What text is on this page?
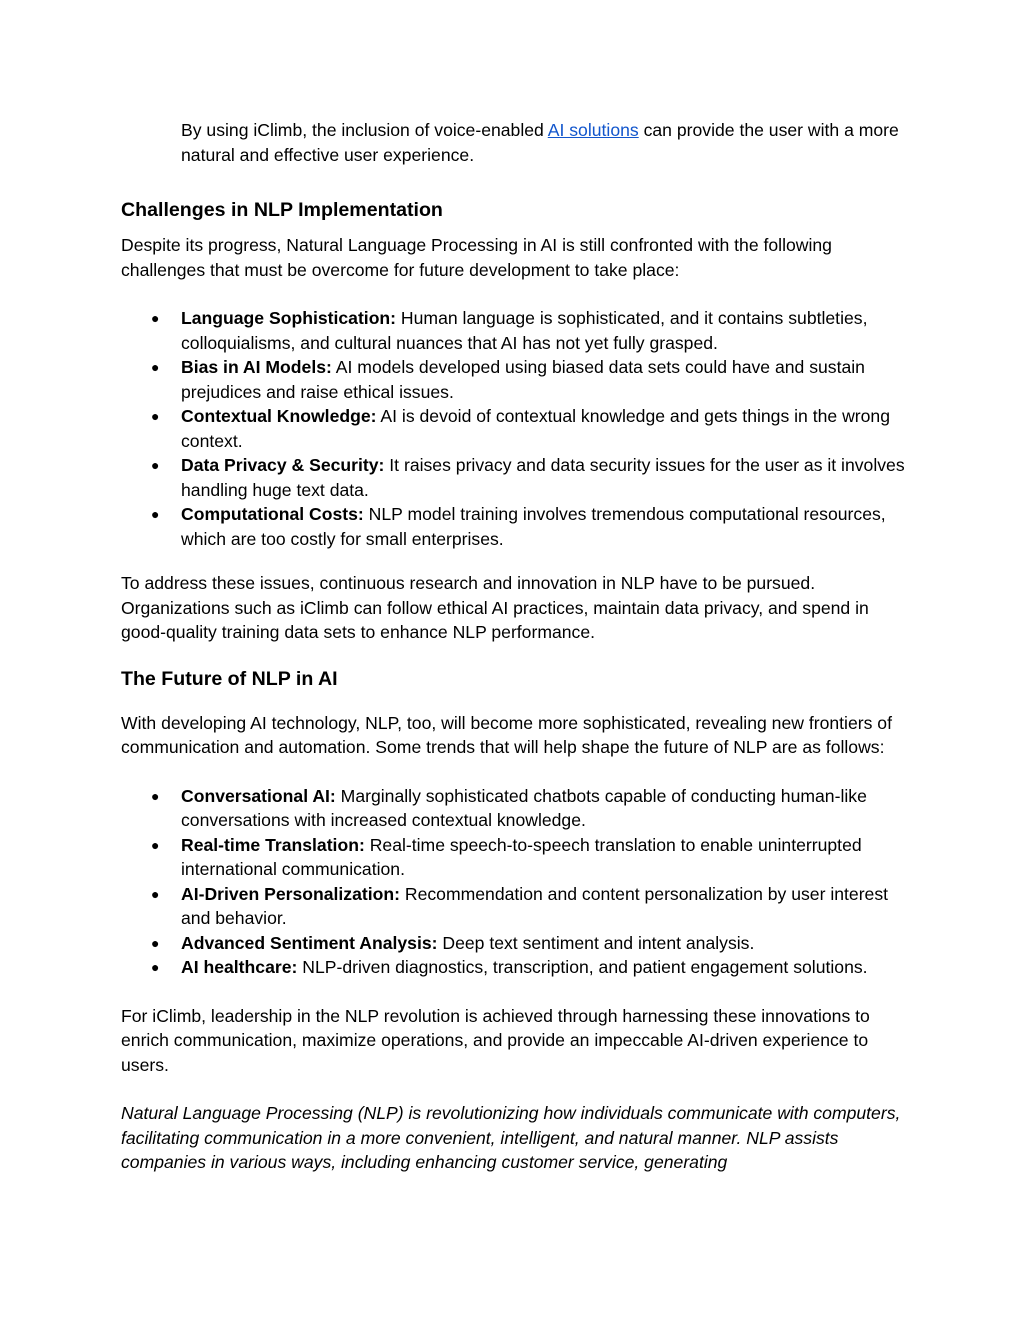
By using iClimb, the inclusion of voice-enabled AI solutions can provide the user with a more natural and effective user experience.

Challenges in NLP Implementation

Despite its progress, Natural Language Processing in AI is still confronted with the following challenges that must be overcome for future development to take place:

● Language Sophistication: Human language is sophisticated, and it contains subtleties, colloquialisms, and cultural nuances that AI has not yet fully grasped.
● Bias in AI Models: AI models developed using biased data sets could have and sustain prejudices and raise ethical issues.
● Contextual Knowledge: AI is devoid of contextual knowledge and gets things in the wrong context.
● Data Privacy & Security: It raises privacy and data security issues for the user as it involves handling huge text data.
● Computational Costs: NLP model training involves tremendous computational resources, which are too costly for small enterprises.

To address these issues, continuous research and innovation in NLP have to be pursued. Organizations such as iClimb can follow ethical AI practices, maintain data privacy, and spend in good-quality training data sets to enhance NLP performance.

The Future of NLP in AI

With developing AI technology, NLP, too, will become more sophisticated, revealing new frontiers of communication and automation. Some trends that will help shape the future of NLP are as follows:

● Conversational AI: Marginally sophisticated chatbots capable of conducting human-like conversations with increased contextual knowledge.
● Real-time Translation: Real-time speech-to-speech translation to enable uninterrupted international communication.
● AI-Driven Personalization: Recommendation and content personalization by user interest and behavior.
● Advanced Sentiment Analysis: Deep text sentiment and intent analysis.
● AI healthcare: NLP-driven diagnostics, transcription, and patient engagement solutions.

For iClimb, leadership in the NLP revolution is achieved through harnessing these innovations to enrich communication, maximize operations, and provide an impeccable AI-driven experience to users.

Natural Language Processing (NLP) is revolutionizing how individuals communicate with computers, facilitating communication in a more convenient, intelligent, and natural manner. NLP assists companies in various ways, including enhancing customer service, generating
